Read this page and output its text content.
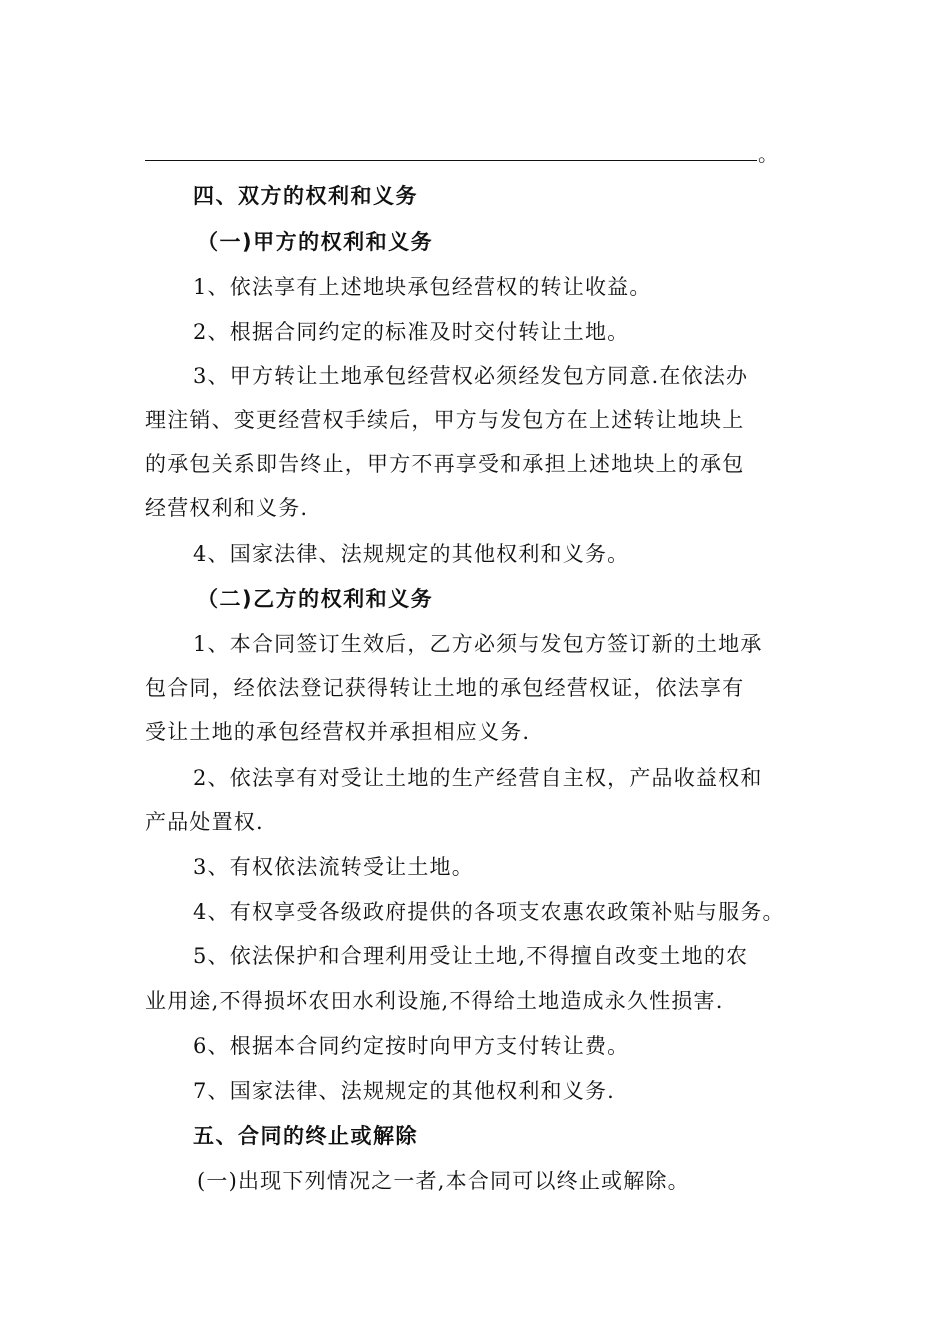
。
四、双方的权利和义务
（一)甲方的权利和义务
1、依法享有上述地块承包经营权的转让收益。
2、根据合同约定的标准及时交付转让土地。
3、甲方转让土地承包经营权必须经发包方同意.在依法办
理注销、变更经营权手续后，甲方与发包方在上述转让地块上
的承包关系即告终止，甲方不再享受和承担上述地块上的承包
经营权利和义务.
4、国家法律、法规规定的其他权利和义务。
（二)乙方的权利和义务
1、本合同签订生效后，乙方必须与发包方签订新的土地承
包合同，经依法登记获得转让土地的承包经营权证，依法享有
受让土地的承包经营权并承担相应义务.
2、依法享有对受让土地的生产经营自主权，产品收益权和
产品处置权.
3、有权依法流转受让土地。
4、有权享受各级政府提供的各项支农惠农政策补贴与服务。
5、依法保护和合理利用受让土地,不得擅自改变土地的农
业用途,不得损坏农田水利设施,不得给土地造成永久性损害.
6、根据本合同约定按时向甲方支付转让费。
7、国家法律、法规规定的其他权利和义务.
五、合同的终止或解除
(一)出现下列情况之一者,本合同可以终止或解除。
